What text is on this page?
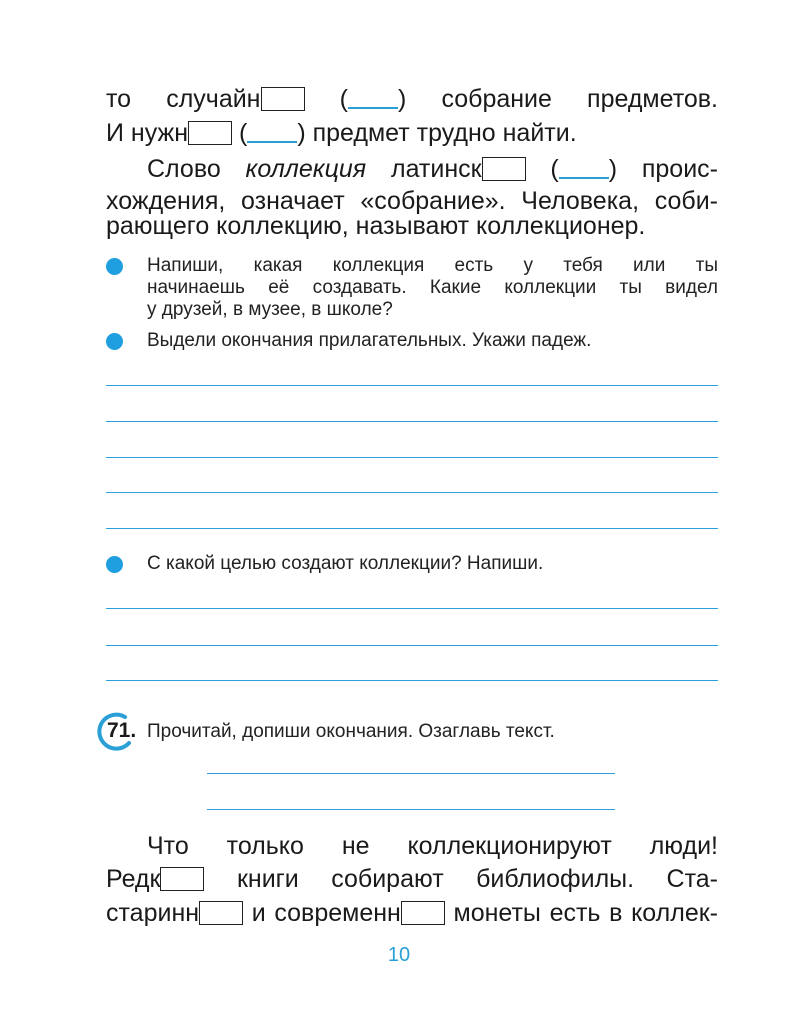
то случайн	( ) собрание предметов.
И нужн ( ) предмет трудно найти.
Слово коллекция латинск	( ) проис-
хождения, означает «собрание». Человека, соби-
рающего коллекцию, называют коллекционер.
Напиши, какая коллекция есть у тебя или ты
начинаешь её создавать. Какие коллекции ты видел
у друзей, в музее, в школе?
Выдели окончания прилагательных. Укажи падеж.
С какой целью создают коллекции? Напиши.
71. Прочитай, допиши окончания. Озаглавь текст.
Что только не коллекционируют люди!
Редк	книги собирают библиофилы. Ста-
старинн и современн монеты есть в коллек-
10
